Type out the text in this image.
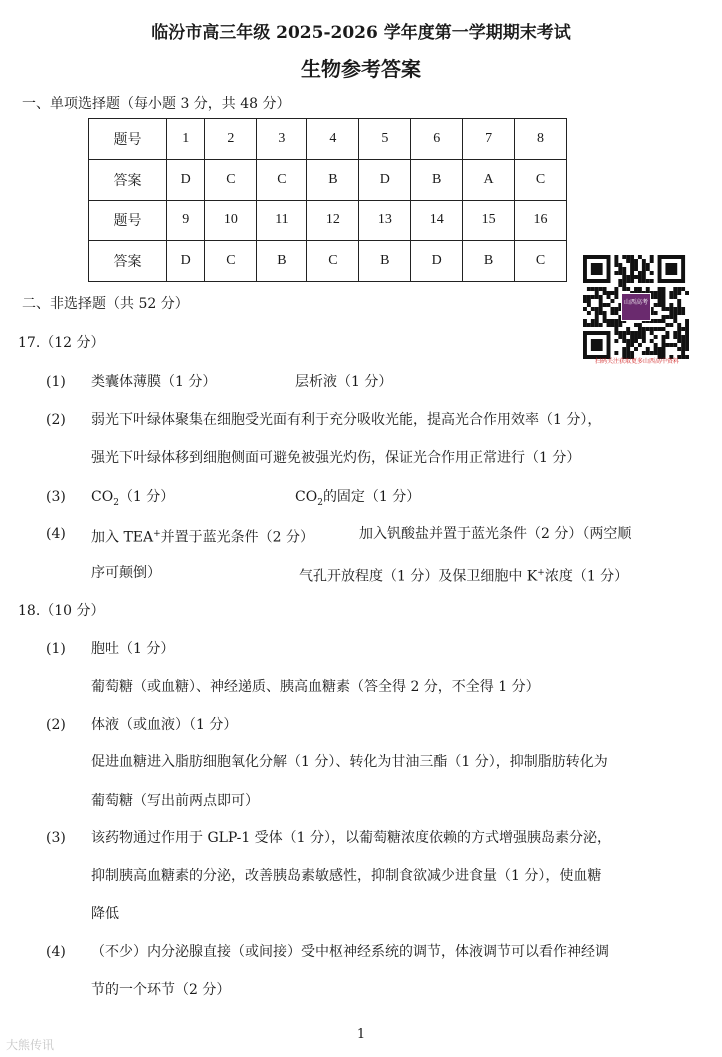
临汾市高三年级 2025-2026 学年度第一学期期末考试
生物参考答案
一、单项选择题（每小题 3 分，共 48 分）
题号	1	2	3	4	5	6	7	8
答案	D	C	C	B	D	B	A	C
题号	9	10	11	12	13	14	15	16
答案	D	C	B	C	B	D	B	C
山西高考
扫码关注获取更多山西高中资料
二、非选择题（共 52 分）
17.（12 分）
(1) 类囊体薄膜（1 分）	层析液（1 分）
(2) 弱光下叶绿体聚集在细胞受光面有利于充分吸收光能，提高光合作用效率（1 分），
强光下叶绿体移到细胞侧面可避免被强光灼伤，保证光合作用正常进行（1 分）
(3) $CO_2(1$ 分）	$CO_2$的固定（1 分）
(4) 加入 TEA+并置于蓝光条件（2 分）	加入钒酸盐并置于蓝光条件（2 分）（两空顺
序可颠倒）	气孔开放程度（1 分）及保卫细胞中 K+浓度（1 分）
18.（10 分）
(1) 胞吐（1 分）
葡萄糖（或血糖）、神经递质、胰高血糖素（答全得 2 分，不全得 1 分）
(2) 体液（或血液）（1 分）
促进血糖进入脂肪细胞氧化分解（1 分）、转化为甘油三酯（1 分），抑制脂肪转化为
葡萄糖（写出前两点即可）
(3) 该药物通过作用于 GLP-1 受体（1 分），以葡萄糖浓度依赖的方式增强胰岛素分泌，
抑制胰高血糖素的分泌，改善胰岛素敏感性，抑制食欲减少进食量（1 分），使血糖
降低
(4) （不少）内分泌腺直接（或间接）受中枢神经系统的调节，体液调节可以看作神经调
节的一个环节（2 分）
1
大熊传讯
